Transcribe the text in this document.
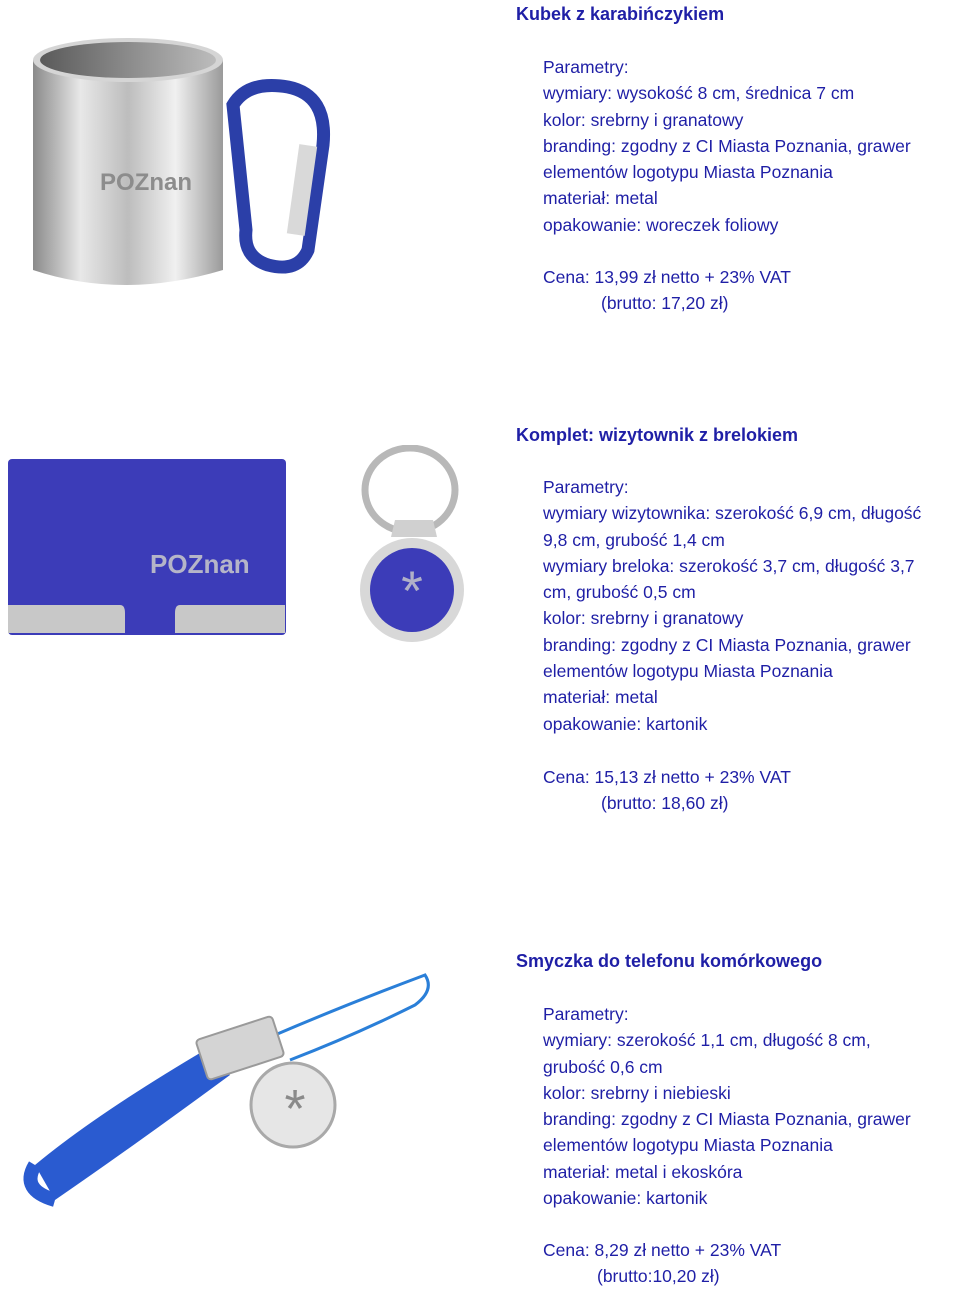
POZnan
Kubek z karabińczykiem
Parametry:
wymiary: wysokość 8 cm, średnica 7 cm
kolor: srebrny i granatowy
branding: zgodny z CI Miasta Poznania, grawer
elementów logotypu Miasta Poznania
materiał: metal
opakowanie: woreczek foliowy
Cena: 13,99 zł netto + 23% VAT
(brutto: 17,20 zł)
POZnan	*
Komplet: wizytownik z brelokiem
Parametry:
wymiary wizytownika: szerokość 6,9 cm, długość
9,8 cm, grubość 1,4 cm
wymiary breloka: szerokość 3,7 cm, długość 3,7
cm, grubość 0,5 cm
kolor: srebrny i granatowy
branding: zgodny z CI Miasta Poznania, grawer
elementów logotypu Miasta Poznania
materiał: metal
opakowanie: kartonik
Cena: 15,13 zł netto + 23% VAT
(brutto: 18,60 zł)
*
Smyczka do telefonu komórkowego
Parametry:
wymiary: szerokość 1,1 cm, długość 8 cm,
grubość 0,6 cm
kolor: srebrny i niebieski
branding: zgodny z CI Miasta Poznania, grawer
elementów logotypu Miasta Poznania
materiał: metal i ekoskóra
opakowanie: kartonik
Cena: 8,29 zł netto + 23% VAT
(brutto:10,20 zł)
